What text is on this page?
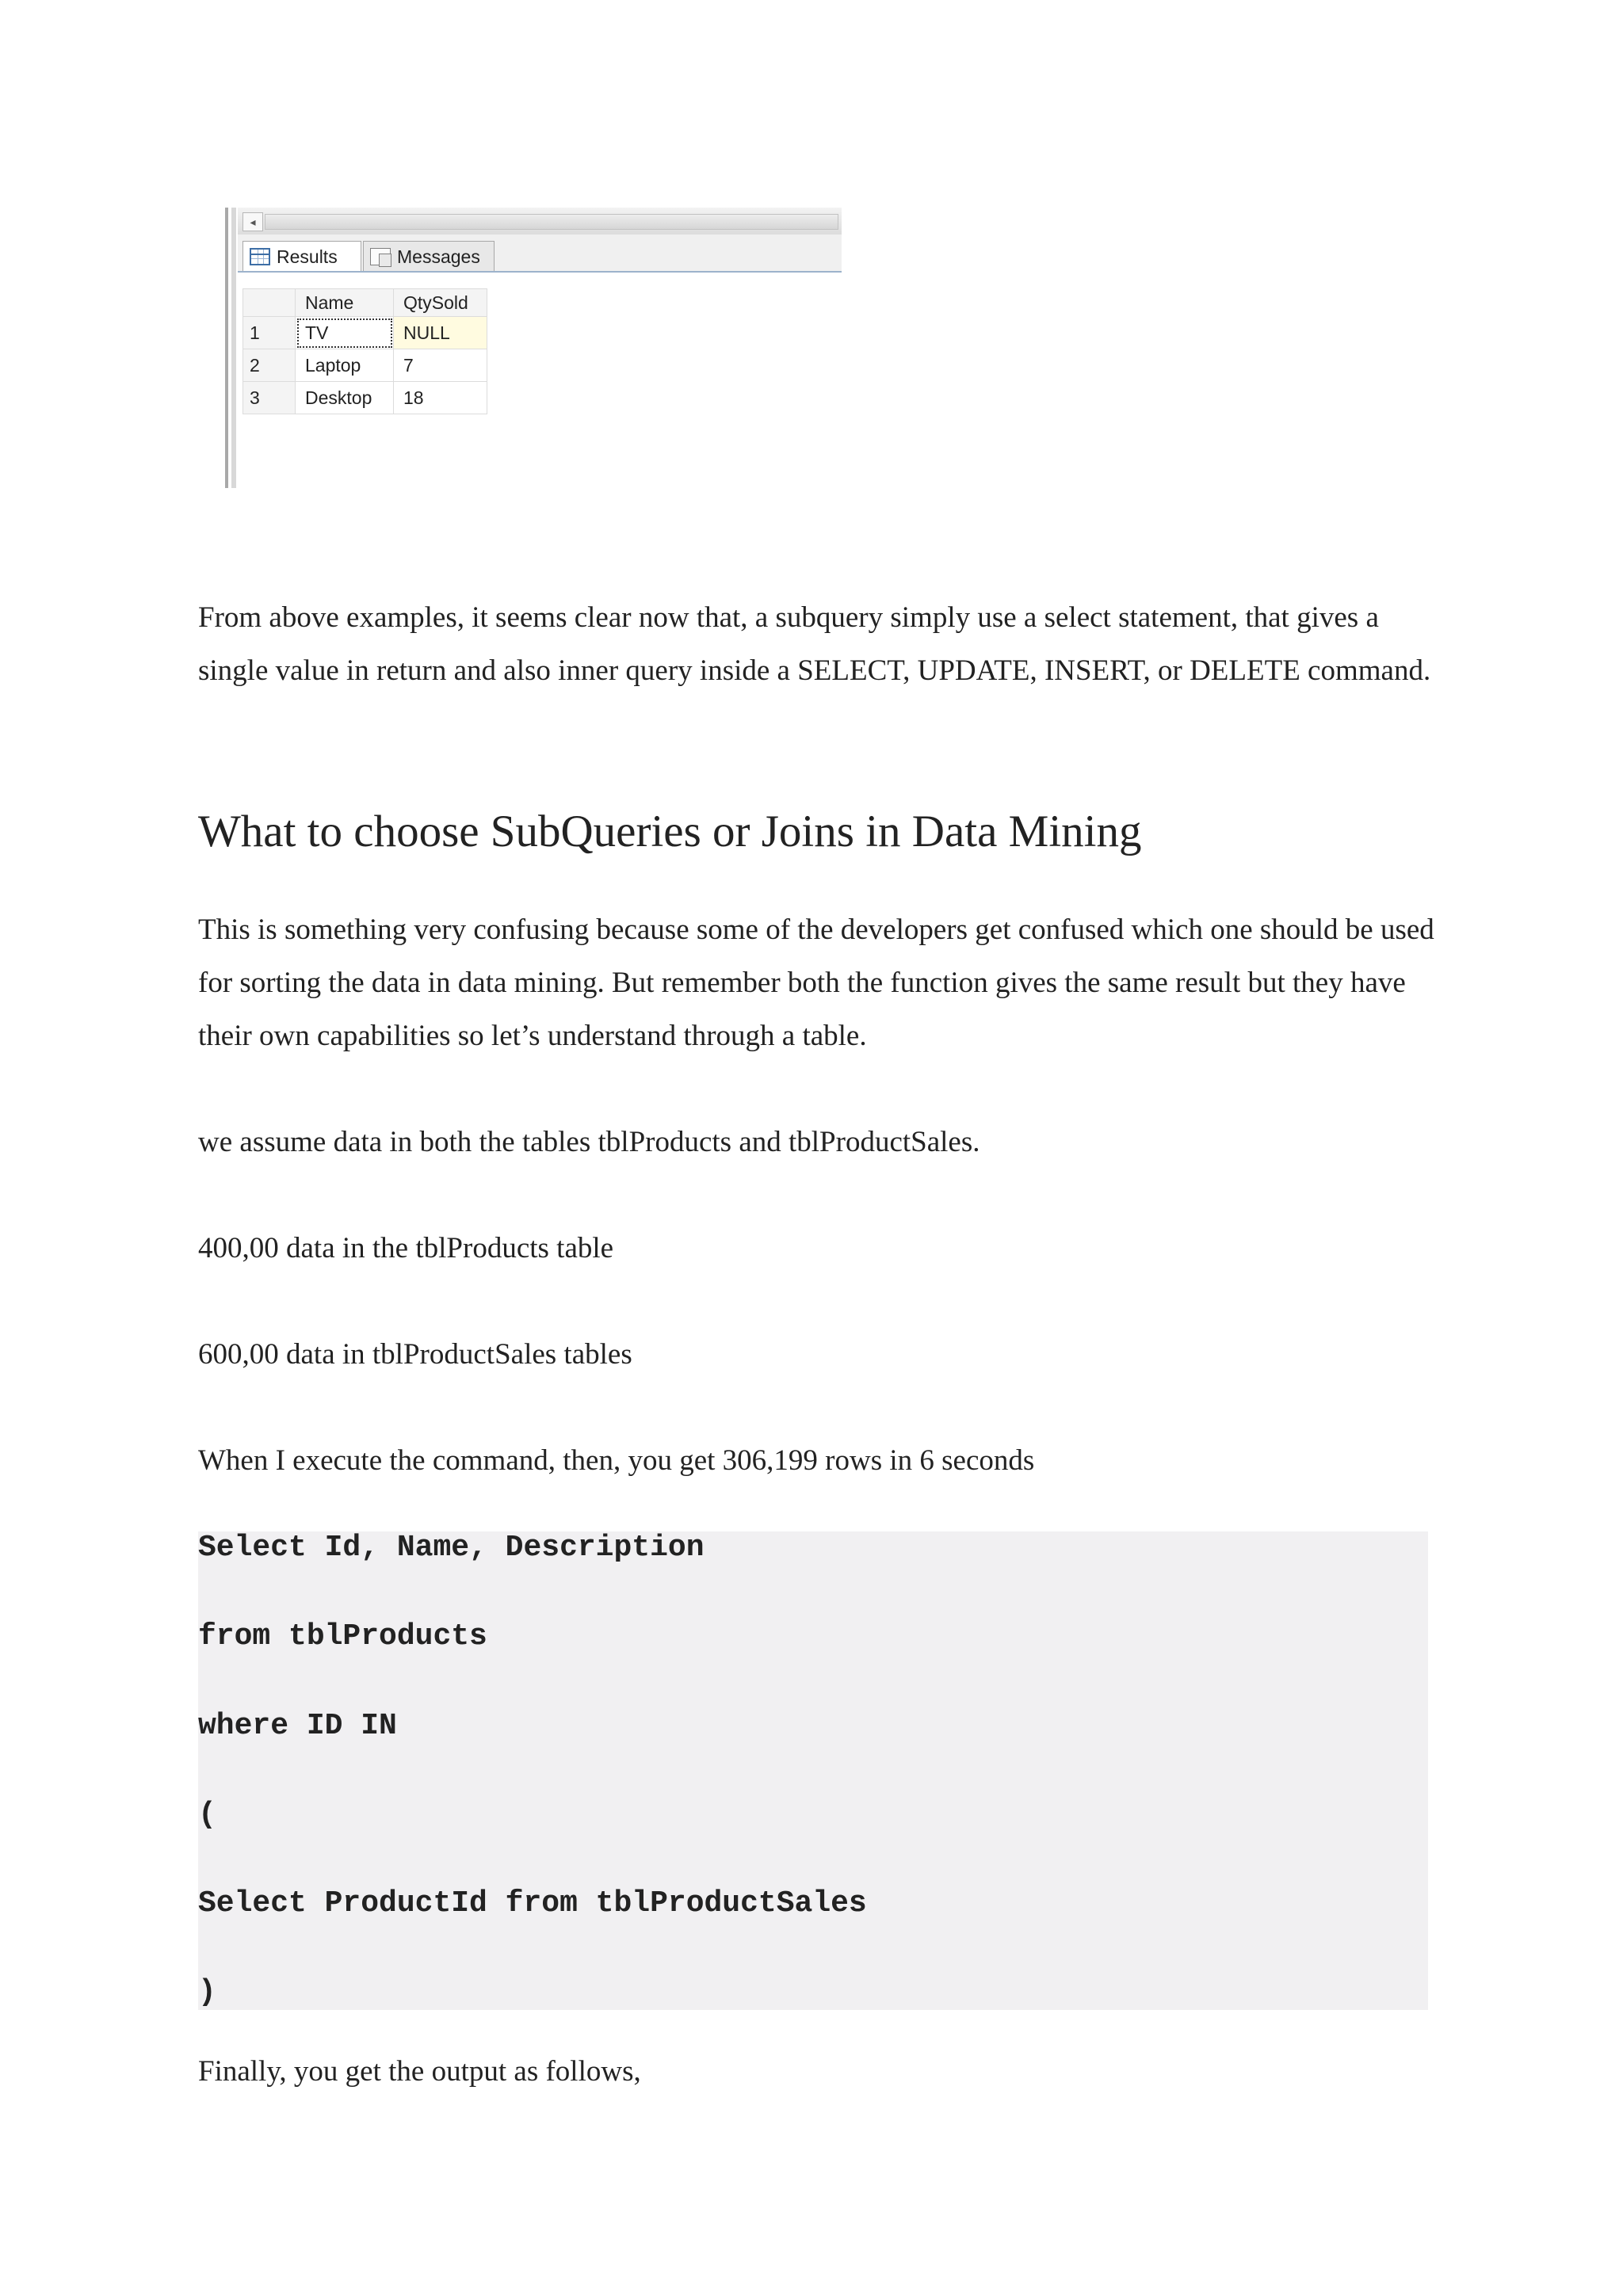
◂
Results	Messages
	Name	QtySold
1	TV	NULL
2	Laptop	7
3	Desktop	18

From above examples, it seems clear now that, a subquery simply use a select statement, that gives a single value in return and also inner query inside a SELECT, UPDATE, INSERT, or DELETE command.

What to choose SubQueries or Joins in Data Mining

This is something very confusing because some of the developers get confused which one should be used for sorting the data in data mining. But remember both the function gives the same result but they have their own capabilities so let’s understand through a table.

we assume data in both the tables tblProducts and tblProductSales.

400,00 data in the tblProducts table

600,00 data in tblProductSales tables

When I execute the command, then, you get 306,199 rows in 6 seconds

Select Id, Name, Description

from tblProducts

where ID IN

(

Select ProductId from tblProductSales

)

Finally, you get the output as follows,
